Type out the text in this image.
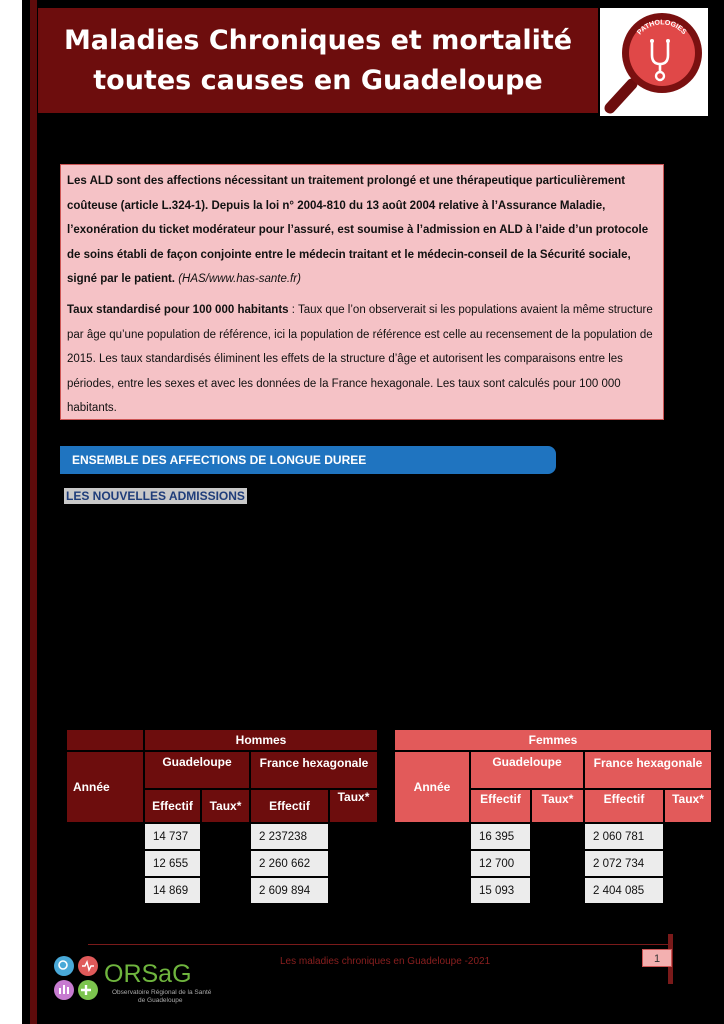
Maladies Chroniques et mortalité
toutes causes en Guadeloupe
PATHOLOGIES

Les ALD sont des affections nécessitant un traitement prolongé et une thérapeutique particulièrement coûteuse (article L.324-1). Depuis la loi n° 2004-810 du 13 août 2004 relative à l’Assurance Maladie, l’exonération du ticket modérateur pour l’assuré, est soumise à l’admission en ALD à l’aide d’un protocole de soins établi de façon conjointe entre le médecin traitant et le médecin-conseil de la Sécurité sociale, signé par le patient. (HAS/www.has-sante.fr)

Taux standardisé pour 100 000 habitants : Taux que l’on observerait si les populations avaient la même structure par âge qu’une population de référence, ici la population de référence est celle au recensement de la population de 2015. Les taux standardisés éliminent les effets de la structure d’âge et autorisent les comparaisons entre les périodes, entre les sexes et avec les données de la France hexagonale. Les taux sont calculés pour 100 000 habitants.

ENSEMBLE DES AFFECTIONS DE LONGUE DUREE
LES NOUVELLES ADMISSIONS
	Hommes			
Année	Guadeloupe		France hexagonale	
	Effectif	Taux*	Effectif	Taux*
	14 737		2 237238	
	12 655		2 260 662	
	14 869		2 609 894	
Femmes				
Année	Guadeloupe		France hexagonale	
	Effectif	Taux*	Effectif	Taux*
	16 395		2 060 781	
	12 700		2 072 734	
	15 093		2 404 085	
Les maladies chroniques en Guadeloupe -2021	1
ORSaG
Observatoire Régional de la Santé
de Guadeloupe
